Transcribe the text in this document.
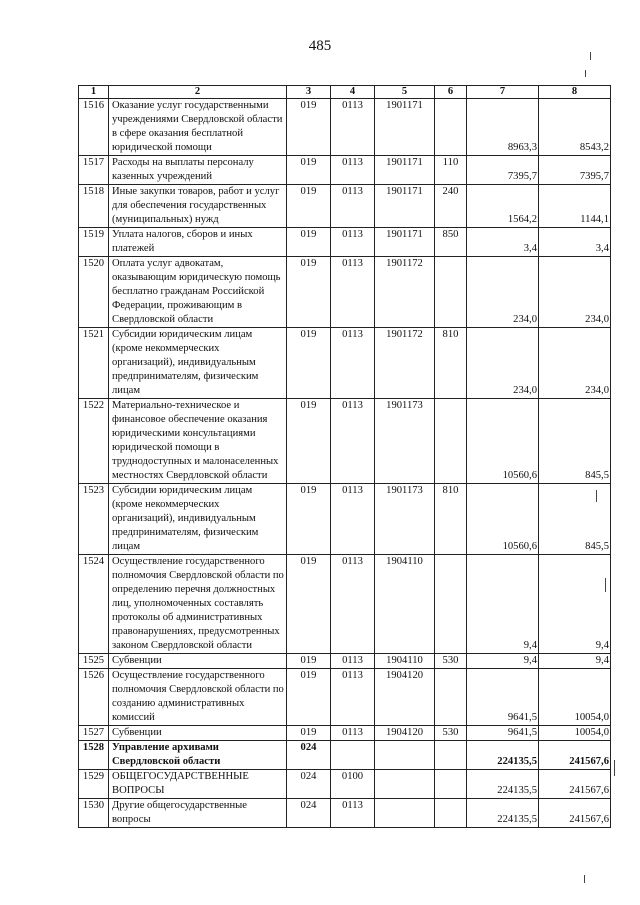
485
1	2	3	4	5	6	7	8
1516	Оказание услуг государственными учреждениями Свердловской области в сфере оказания бесплатной юридической помощи	019	0113	1901171		8963,3	8543,2
1517	Расходы на выплаты персоналу казенных учреждений	019	0113	1901171	110	7395,7	7395,7
1518	Иные закупки товаров, работ и услуг для обеспечения государственных (муниципальных) нужд	019	0113	1901171	240	1564,2	1144,1
1519	Уплата налогов, сборов и иных платежей	019	0113	1901171	850	3,4	3,4
1520	Оплата услуг адвокатам, оказывающим юридическую помощь бесплатно гражданам Российской Федерации, проживающим в Свердловской области	019	0113	1901172		234,0	234,0
1521	Субсидии юридическим лицам (кроме некоммерческих организаций), индивидуальным предпринимателям, физическим лицам	019	0113	1901172	810	234,0	234,0
1522	Материально-техническое и финансовое обеспечение оказания юридическими консультациями юридической помощи в труднодоступных и малонаселенных местностях Свердловской области	019	0113	1901173		10560,6	845,5
1523	Субсидии юридическим лицам (кроме некоммерческих организаций), индивидуальным предпринимателям, физическим лицам	019	0113	1901173	810	10560,6	845,5
1524	Осуществление государственного полномочия Свердловской области по определению перечня должностных лиц, уполномоченных составлять протоколы об административных правонарушениях, предусмотренных законом Свердловской области	019	0113	1904110		9,4	9,4
1525	Субвенции	019	0113	1904110	530	9,4	9,4
1526	Осуществление государственного полномочия Свердловской области по созданию административных комиссий	019	0113	1904120		9641,5	10054,0
1527	Субвенции	019	0113	1904120	530	9641,5	10054,0
1528	Управление архивами Свердловской области	024				224135,5	241567,6
1529	ОБЩЕГОСУДАРСТВЕННЫЕ ВОПРОСЫ	024	0100			224135,5	241567,6
1530	Другие общегосударственные вопросы	024	0113			224135,5	241567,6
